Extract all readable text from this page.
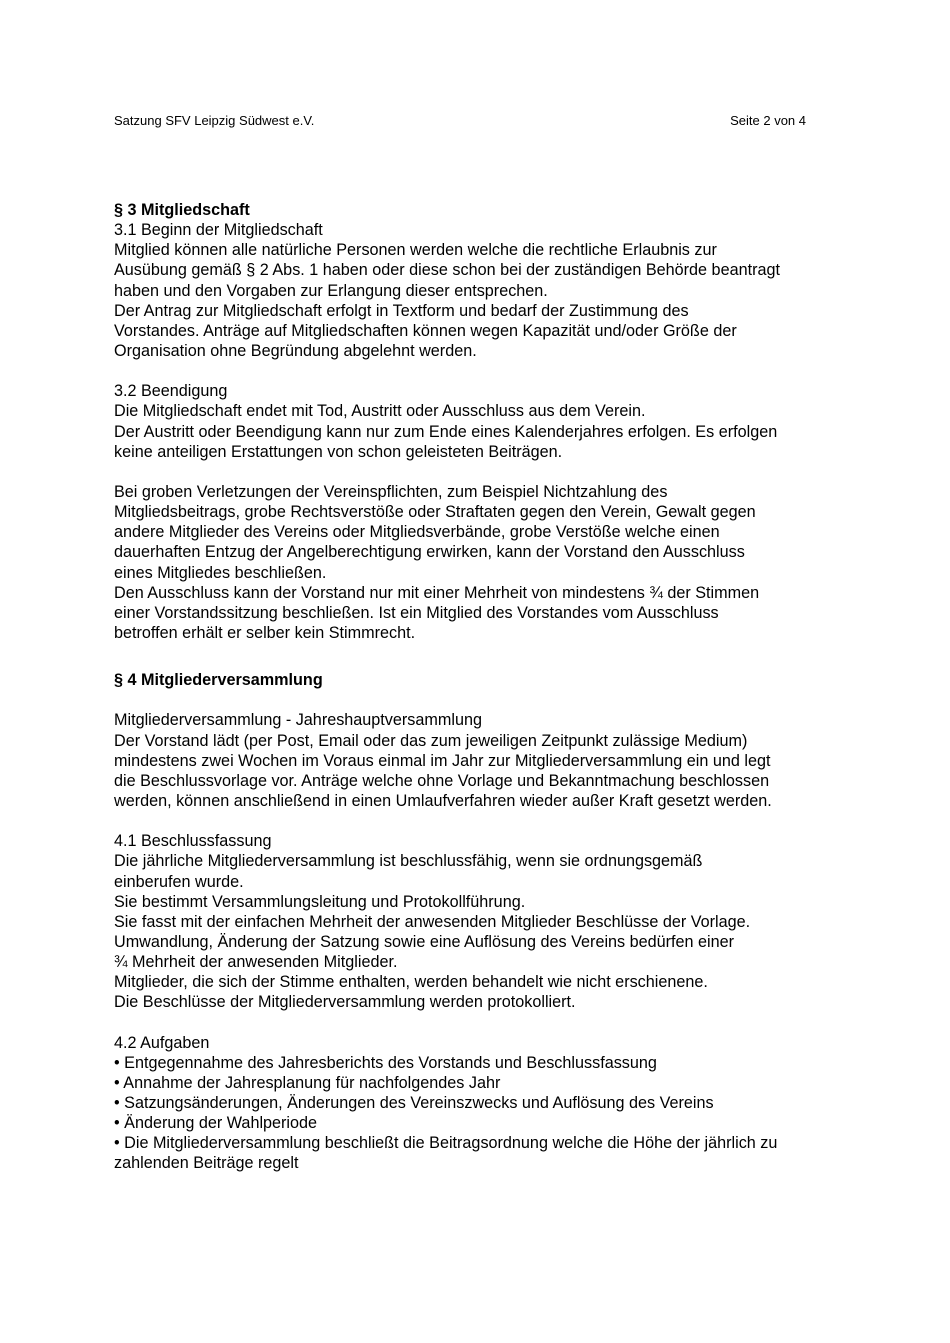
Satzung SFV Leipzig Südwest e.V.	Seite 2 von 4
§ 3 Mitgliedschaft
3.1 Beginn der Mitgliedschaft
Mitglied können alle natürliche Personen werden welche die rechtliche Erlaubnis zur
Ausübung gemäß § 2 Abs. 1 haben oder diese schon bei der zuständigen Behörde beantragt
haben und den Vorgaben zur Erlangung dieser entsprechen.
Der Antrag zur Mitgliedschaft erfolgt in Textform und bedarf der Zustimmung des
Vorstandes. Anträge auf Mitgliedschaften können wegen Kapazität und/oder Größe der
Organisation ohne Begründung abgelehnt werden.
3.2 Beendigung
Die Mitgliedschaft endet mit Tod, Austritt oder Ausschluss aus dem Verein.
Der Austritt oder Beendigung kann nur zum Ende eines Kalenderjahres erfolgen. Es erfolgen
keine anteiligen Erstattungen von schon geleisteten Beiträgen.
Bei groben Verletzungen der Vereinspflichten, zum Beispiel Nichtzahlung des
Mitgliedsbeitrags, grobe Rechtsverstöße oder Straftaten gegen den Verein, Gewalt gegen
andere Mitglieder des Vereins oder Mitgliedsverbände, grobe Verstöße welche einen
dauerhaften Entzug der Angelberechtigung erwirken, kann der Vorstand den Ausschluss
eines Mitgliedes beschließen.
Den Ausschluss kann der Vorstand nur mit einer Mehrheit von mindestens ¾ der Stimmen
einer Vorstandssitzung beschließen. Ist ein Mitglied des Vorstandes vom Ausschluss
betroffen erhält er selber kein Stimmrecht.
§ 4 Mitgliederversammlung
Mitgliederversammlung - Jahreshauptversammlung
Der Vorstand lädt (per Post, Email oder das zum jeweiligen Zeitpunkt zulässige Medium)
mindestens zwei Wochen im Voraus einmal im Jahr zur Mitgliederversammlung ein und legt
die Beschlussvorlage vor. Anträge welche ohne Vorlage und Bekanntmachung beschlossen
werden, können anschließend in einen Umlaufverfahren wieder außer Kraft gesetzt werden.
4.1 Beschlussfassung
Die jährliche Mitgliederversammlung ist beschlussfähig, wenn sie ordnungsgemäß
einberufen wurde.
Sie bestimmt Versammlungsleitung und Protokollführung.
Sie fasst mit der einfachen Mehrheit der anwesenden Mitglieder Beschlüsse der Vorlage.
Umwandlung, Änderung der Satzung sowie eine Auflösung des Vereins bedürfen einer
¾ Mehrheit der anwesenden Mitglieder.
Mitglieder, die sich der Stimme enthalten, werden behandelt wie nicht erschienene.
Die Beschlüsse der Mitgliederversammlung werden protokolliert.
4.2 Aufgaben
• Entgegennahme des Jahresberichts des Vorstands und Beschlussfassung
• Annahme der Jahresplanung für nachfolgendes Jahr
• Satzungsänderungen, Änderungen des Vereinszwecks und Auflösung des Vereins
• Änderung der Wahlperiode
• Die Mitgliederversammlung beschließt die Beitragsordnung welche die Höhe der jährlich zu
zahlenden Beiträge regelt
